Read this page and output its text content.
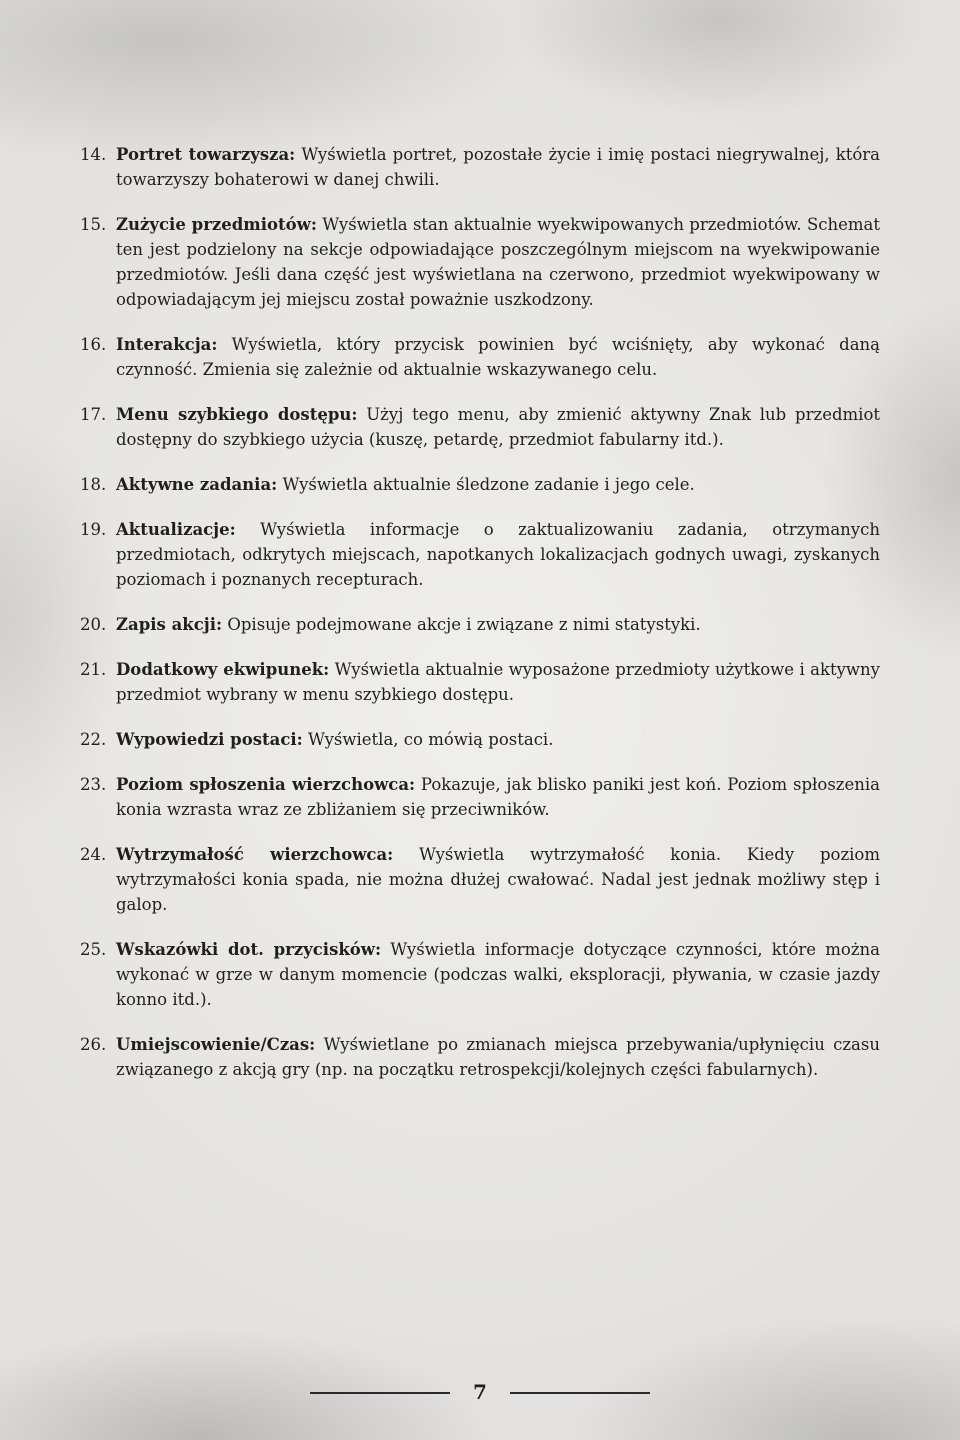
14. Portret towarzysza: Wyświetla portret, pozostałe życie i imię postaci niegrywalnej, która towarzyszy bohaterowi w danej chwili.
15. Zużycie przedmiotów: Wyświetla stan aktualnie wyekwipowanych przedmiotów. Schemat ten jest podzielony na sekcje odpowiadające poszczególnym miejscom na wyekwipowanie przedmiotów. Jeśli dana część jest wyświetlana na czerwono, przedmiot wyekwipowany w odpowiadającym jej miejscu został poważnie uszkodzony.
16. Interakcja: Wyświetla, który przycisk powinien być wciśnięty, aby wykonać daną czynność. Zmienia się zależnie od aktualnie wskazywanego celu.
17. Menu szybkiego dostępu: Użyj tego menu, aby zmienić aktywny Znak lub przedmiot dostępny do szybkiego użycia (kuszę, petardę, przedmiot fabularny itd.).
18. Aktywne zadania: Wyświetla aktualnie śledzone zadanie i jego cele.
19. Aktualizacje: Wyświetla informacje o zaktualizowaniu zadania, otrzymanych przedmiotach, odkrytych miejscach, napotkanych lokalizacjach godnych uwagi, zyskanych poziomach i poznanych recepturach.
20. Zapis akcji: Opisuje podejmowane akcje i związane z nimi statystyki.
21. Dodatkowy ekwipunek: Wyświetla aktualnie wyposażone przedmioty użytkowe i aktywny przedmiot wybrany w menu szybkiego dostępu.
22. Wypowiedzi postaci: Wyświetla, co mówią postaci.
23. Poziom spłoszenia wierzchowca: Pokazuje, jak blisko paniki jest koń. Poziom spłoszenia konia wzrasta wraz ze zbliżaniem się przeciwników.
24. Wytrzymałość wierzchowca: Wyświetla wytrzymałość konia. Kiedy poziom wytrzymałości konia spada, nie można dłużej cwałować. Nadal jest jednak możliwy stęp i galop.
25. Wskazówki dot. przycisków: Wyświetla informacje dotyczące czynności, które można wykonać w grze w danym momencie (podczas walki, eksploracji, pływania, w czasie jazdy konno itd.).
26. Umiejscowienie/Czas: Wyświetlane po zmianach miejsca przebywania/upłynięciu czasu związanego z akcją gry (np. na początku retrospekcji/kolejnych części fabularnych).
7
